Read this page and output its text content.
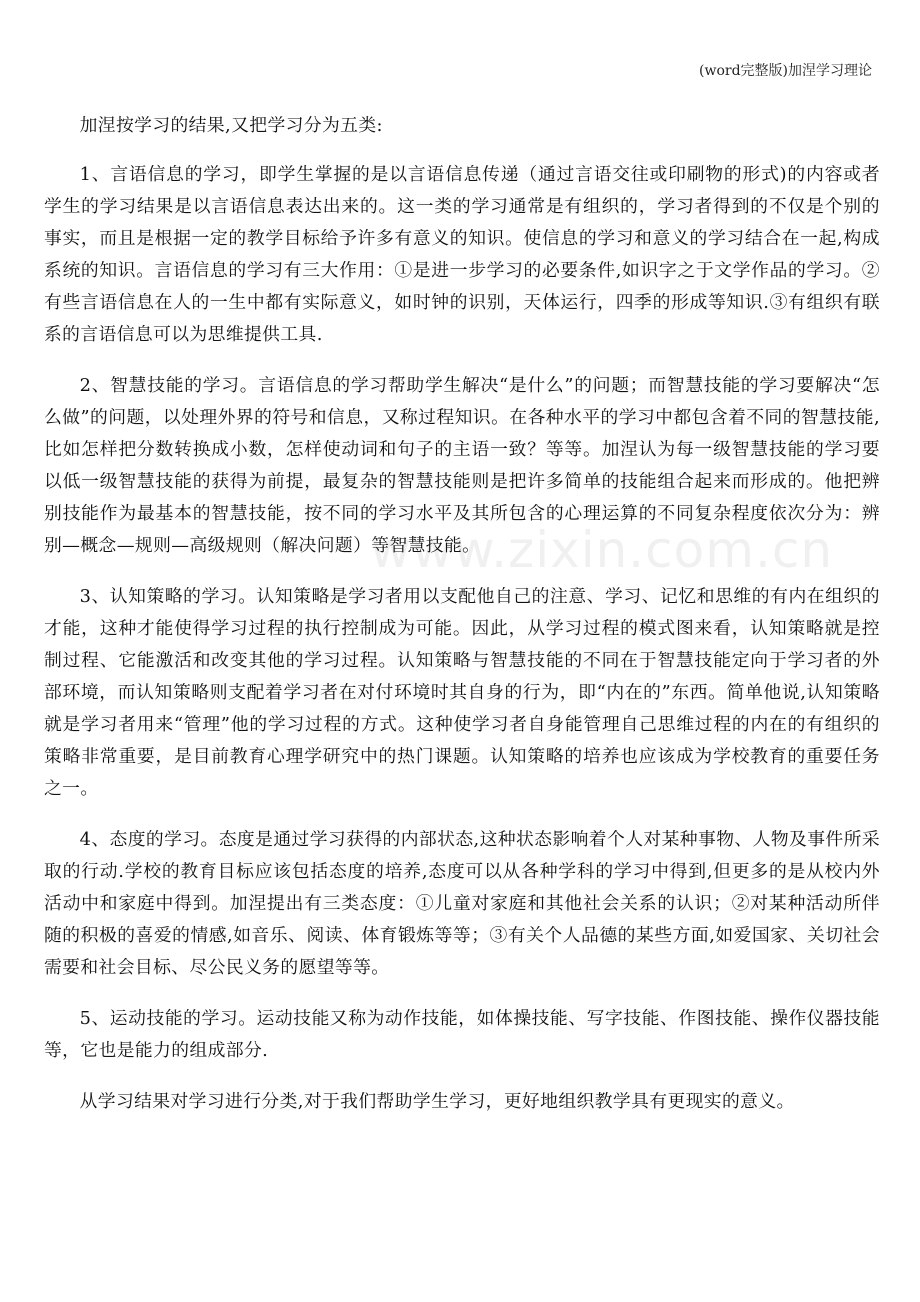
(word完整版)加涅学习理论
www.zixin.com.cn

加涅按学习的结果,又把学习分为五类:

1、言语信息的学习，即学生掌握的是以言语信息传递（通过言语交往或印刷物的形式)的内容或者学生的学习结果是以言语信息表达出来的。这一类的学习通常是有组织的，学习者得到的不仅是个别的事实，而且是根据一定的教学目标给予许多有意义的知识。使信息的学习和意义的学习结合在一起,构成系统的知识。言语信息的学习有三大作用：①是进一步学习的必要条件,如识字之于文学作品的学习。②有些言语信息在人的一生中都有实际意义，如时钟的识别，天体运行，四季的形成等知识.③有组织有联系的言语信息可以为思维提供工具.

2、智慧技能的学习。言语信息的学习帮助学生解决“是什么”的问题；而智慧技能的学习要解决“怎么做”的问题，以处理外界的符号和信息，又称过程知识。在各种水平的学习中都包含着不同的智慧技能,比如怎样把分数转换成小数，怎样使动词和句子的主语一致？等等。加涅认为每一级智慧技能的学习要以低一级智慧技能的获得为前提，最复杂的智慧技能则是把许多简单的技能组合起来而形成的。他把辨别技能作为最基本的智慧技能，按不同的学习水平及其所包含的心理运算的不同复杂程度依次分为：辨别—概念—规则—高级规则（解决问题）等智慧技能。

3、认知策略的学习。认知策略是学习者用以支配他自己的注意、学习、记忆和思维的有内在组织的才能，这种才能使得学习过程的执行控制成为可能。因此，从学习过程的模式图来看，认知策略就是控制过程、它能激活和改变其他的学习过程。认知策略与智慧技能的不同在于智慧技能定向于学习者的外部环境，而认知策略则支配着学习者在对付环境时其自身的行为，即“内在的”东西。简单他说,认知策略就是学习者用来“管理”他的学习过程的方式。这种使学习者自身能管理自己思维过程的内在的有组织的策略非常重要，是目前教育心理学研究中的热门课题。认知策略的培养也应该成为学校教育的重要任务之一。

4、态度的学习。态度是通过学习获得的内部状态,这种状态影响着个人对某种事物、人物及事件所采取的行动.学校的教育目标应该包括态度的培养,态度可以从各种学科的学习中得到,但更多的是从校内外活动中和家庭中得到。加涅提出有三类态度：①儿童对家庭和其他社会关系的认识；②对某种活动所伴随的积极的喜爱的情感,如音乐、阅读、体育锻炼等等；③有关个人品德的某些方面,如爱国家、关切社会需要和社会目标、尽公民义务的愿望等等。

5、运动技能的学习。运动技能又称为动作技能，如体操技能、写字技能、作图技能、操作仪器技能等，它也是能力的组成部分.

从学习结果对学习进行分类,对于我们帮助学生学习，更好地组织教学具有更现实的意义。
